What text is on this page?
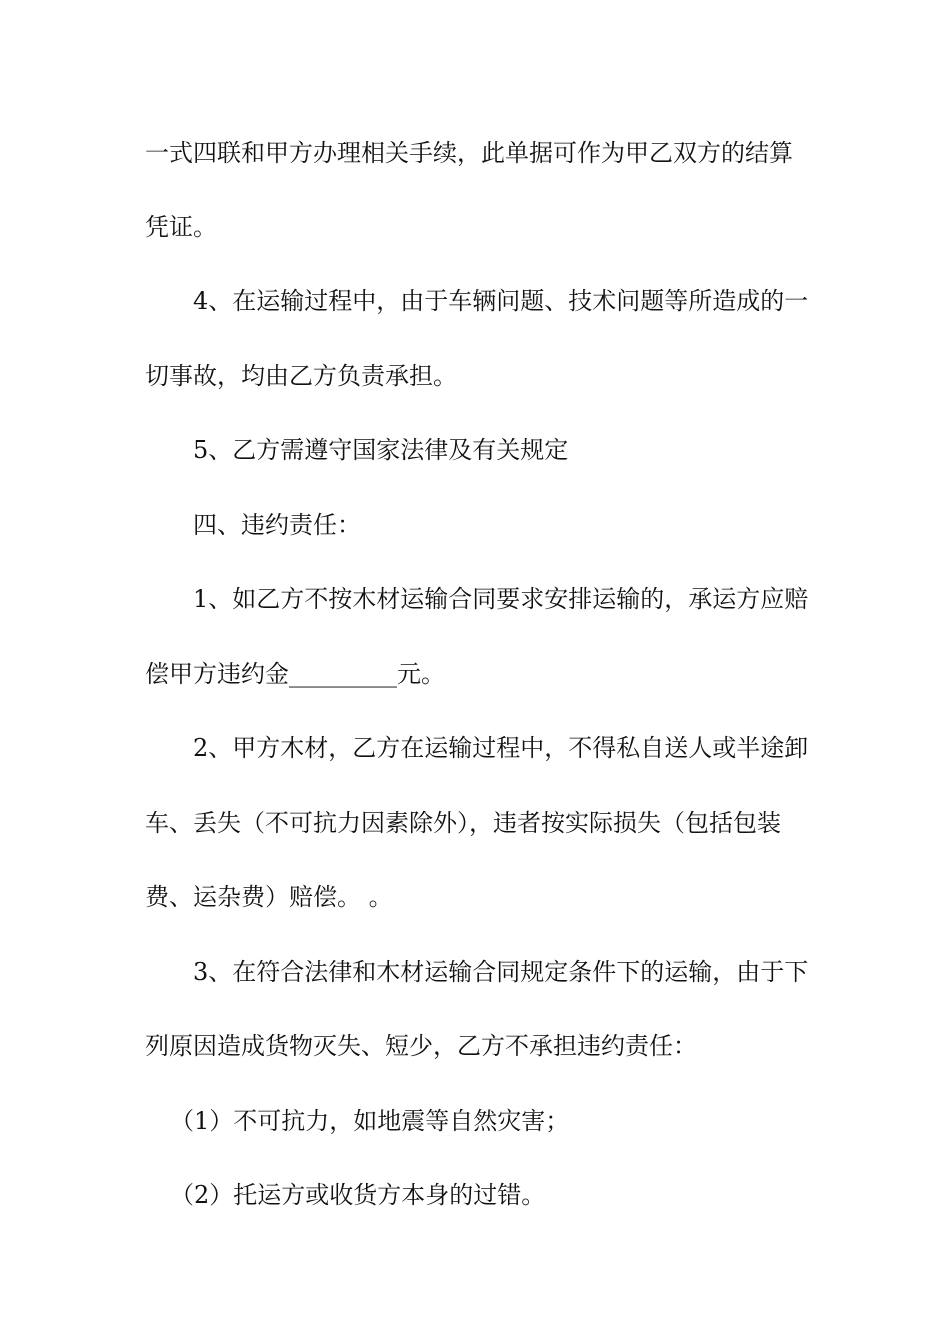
一式四联和甲方办理相关手续，此单据可作为甲乙双方的结算
凭证。
4、在运输过程中，由于车辆问题、技术问题等所造成的一
切事故，均由乙方负责承担。
5、乙方需遵守国家法律及有关规定
四、违约责任：
1、如乙方不按木材运输合同要求安排运输的，承运方应赔
偿甲方违约金_________元。
2、甲方木材，乙方在运输过程中，不得私自送人或半途卸
车、丢失（不可抗力因素除外），违者按实际损失（包括包装
费、运杂费）赔偿。 。
3、在符合法律和木材运输合同规定条件下的运输，由于下
列原因造成货物灭失、短少，乙方不承担违约责任：
（1）不可抗力，如地震等自然灾害；
（2）托运方或收货方本身的过错。
